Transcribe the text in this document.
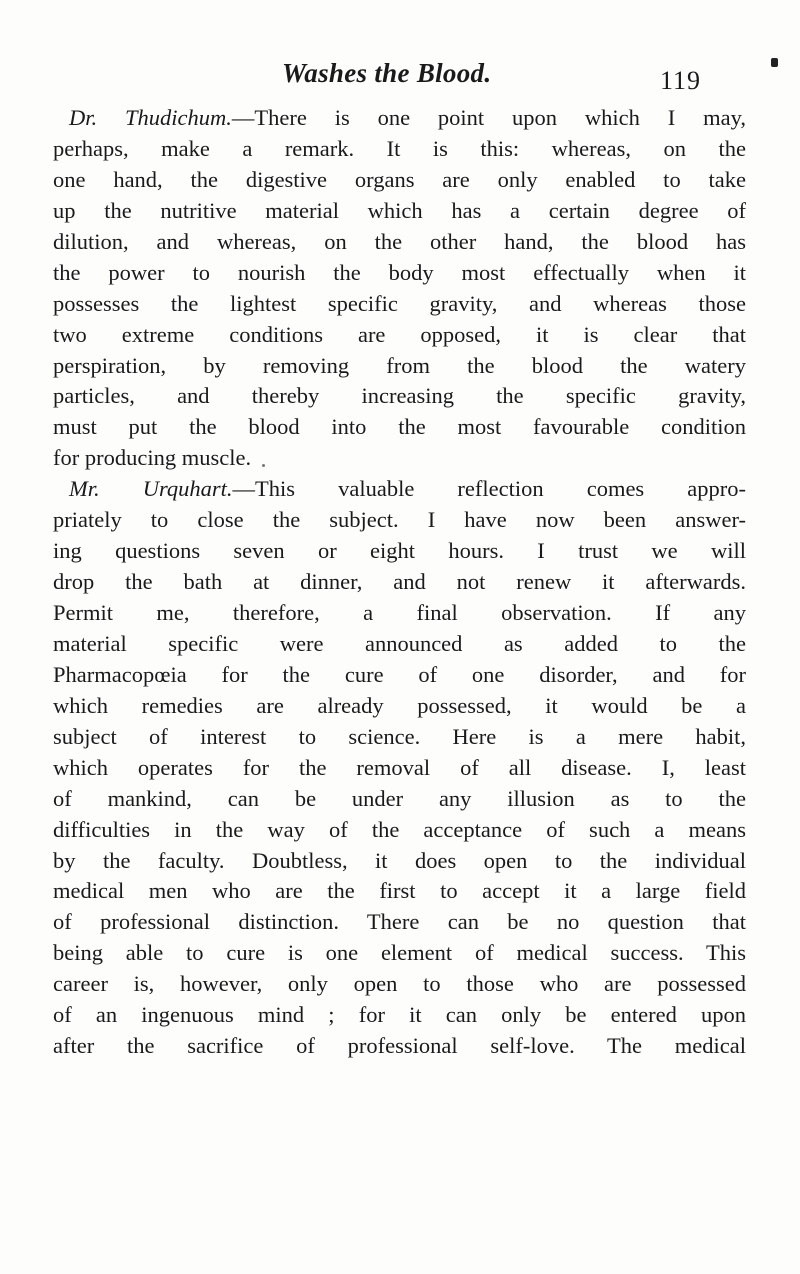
Washes the Blood.	119
Dr. Thudichum.—There is one point upon which I may,
perhaps, make a remark. It is this: whereas, on the
one hand, the digestive organs are only enabled to take
up the nutritive material which has a certain degree of
dilution, and whereas, on the other hand, the blood has
the power to nourish the body most effectually when it
possesses the lightest specific gravity, and whereas those
two extreme conditions are opposed, it is clear that
perspiration, by removing from the blood the watery
particles, and thereby increasing the specific gravity,
must put the blood into the most favourable condition
for producing muscle.
Mr. Urquhart.—This valuable reflection comes appro-
priately to close the subject. I have now been answer-
ing questions seven or eight hours. I trust we will
drop the bath at dinner, and not renew it afterwards.
Permit me, therefore, a final observation. If any
material specific were announced as added to the
Pharmacopœia for the cure of one disorder, and for
which remedies are already possessed, it would be a
subject of interest to science. Here is a mere habit,
which operates for the removal of all disease. I, least
of mankind, can be under any illusion as to the
difficulties in the way of the acceptance of such a means
by the faculty. Doubtless, it does open to the individual
medical men who are the first to accept it a large field
of professional distinction. There can be no question that
being able to cure is one element of medical success. This
career is, however, only open to those who are possessed
of an ingenuous mind ; for it can only be entered upon
after the sacrifice of professional self-love. The medical
